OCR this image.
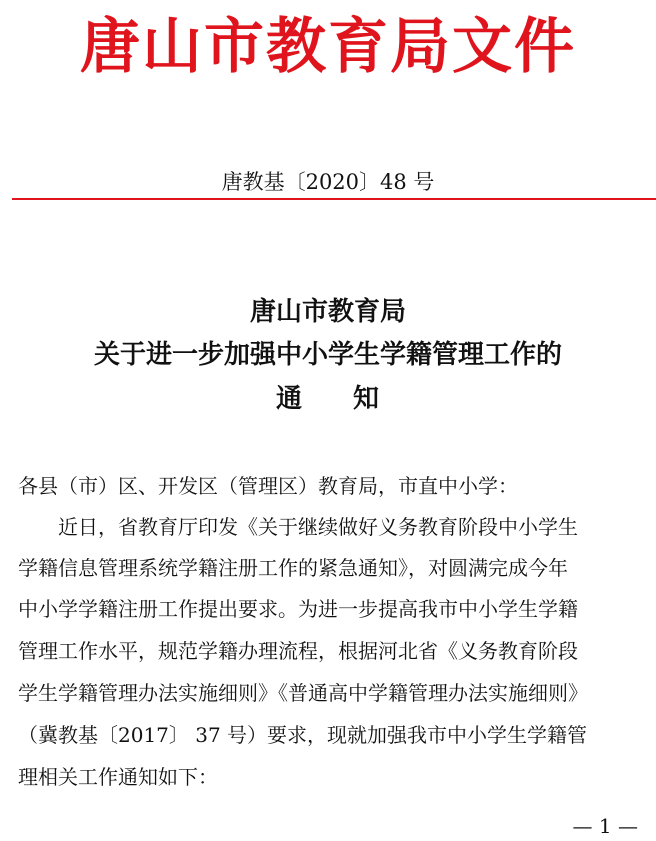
唐山市教育局文件
唐教基〔2020〕48 号
唐山市教育局
关于进一步加强中小学生学籍管理工作的
通 知
各县（市）区、开发区（管理区）教育局，市直中小学：
　　近日，省教育厅印发《关于继续做好义务教育阶段中小学生
学籍信息管理系统学籍注册工作的紧急通知》，对圆满完成今年
中小学学籍注册工作提出要求。为进一步提高我市中小学生学籍
管理工作水平，规范学籍办理流程，根据河北省《义务教育阶段
学生学籍管理办法实施细则》《普通高中学籍管理办法实施细则》
（冀教基〔2017〕 37 号）要求，现就加强我市中小学生学籍管
理相关工作通知如下：
— 1 —
